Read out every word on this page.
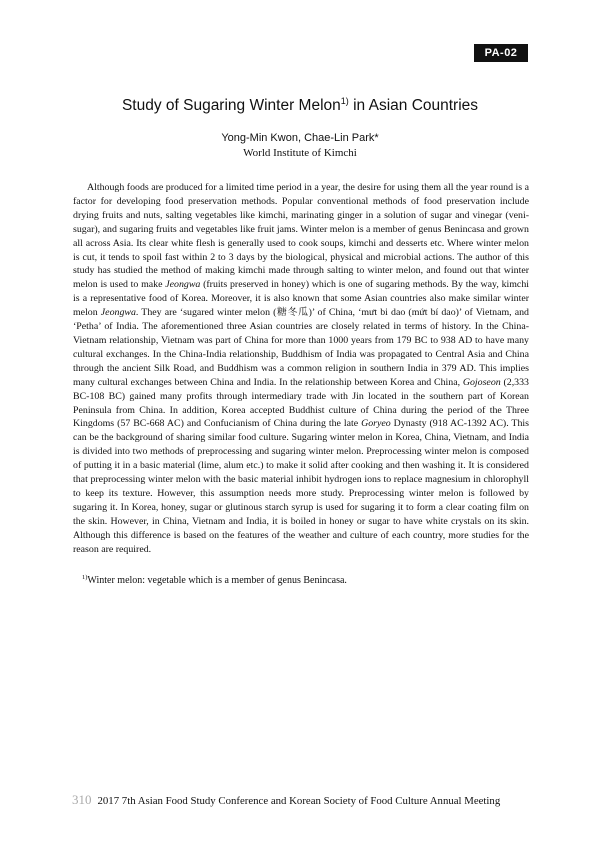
PA-02
Study of Sugaring Winter Melon$^{1)}$ in Asian Countries
Yong-Min Kwon, Chae-Lin Park*
World Institute of Kimchi

Although foods are produced for a limited time period in a year, the desire for using them all the year round is a factor for developing food preservation methods. Popular conventional methods of food preservation include drying fruits and nuts, salting vegetables like kimchi, marinating ginger in a solution of sugar and vinegar (veni-sugar), and sugaring fruits and vegetables like fruit jams. Winter melon is a member of genus Benincasa and grown all across Asia. Its clear white flesh is generally used to cook soups, kimchi and desserts etc. Where winter melon is cut, it tends to spoil fast within 2 to 3 days by the biological, physical and microbial actions. The author of this study has studied the method of making kimchi made through salting to winter melon, and found out that winter melon is used to make Jeongwa (fruits preserved in honey) which is one of sugaring methods. By the way, kimchi is a representative food of Korea. Moreover, it is also known that some Asian countries also make similar winter melon Jeongwa. They are ‘sugared winter melon (糖冬瓜)’ of China, ‘mưt bi dao (mứt bí dao)’ of Vietnam, and ‘Petha’ of India. The aforementioned three Asian countries are closely related in terms of history. In the China-Vietnam relationship, Vietnam was part of China for more than 1000 years from 179 BC to 938 AD to have many cultural exchanges. In the China-India relationship, Buddhism of India was propagated to Central Asia and China through the ancient Silk Road, and Buddhism was a common religion in southern India in 379 AD. This implies many cultural exchanges between China and India. In the relationship between Korea and China, Gojoseon (2,333 BC-108 BC) gained many profits through intermediary trade with Jin located in the southern part of Korean Peninsula from China. In addition, Korea accepted Buddhist culture of China during the period of the Three Kingdoms (57 BC-668 AC) and Confucianism of China during the late Goryeo Dynasty (918 AC-1392 AC). This can be the background of sharing similar food culture. Sugaring winter melon in Korea, China, Vietnam, and India is divided into two methods of preprocessing and sugaring winter melon. Preprocessing winter melon is composed of putting it in a basic material (lime, alum etc.) to make it solid after cooking and then washing it. It is considered that preprocessing winter melon with the basic material inhibit hydrogen ions to replace magnesium in chlorophyll to keep its texture. However, this assumption needs more study. Preprocessing winter melon is followed by sugaring it. In Korea, honey, sugar or glutinous starch syrup is used for sugaring it to form a clear coating film on the skin. However, in China, Vietnam and India, it is boiled in honey or sugar to have white crystals on its skin. Although this difference is based on the features of the weather and culture of each country, more studies for the reason are required.

$^{1)}$Winter melon: vegetable which is a member of genus Benincasa.
310 2017 7th Asian Food Study Conference and Korean Society of Food Culture Annual Meeting
